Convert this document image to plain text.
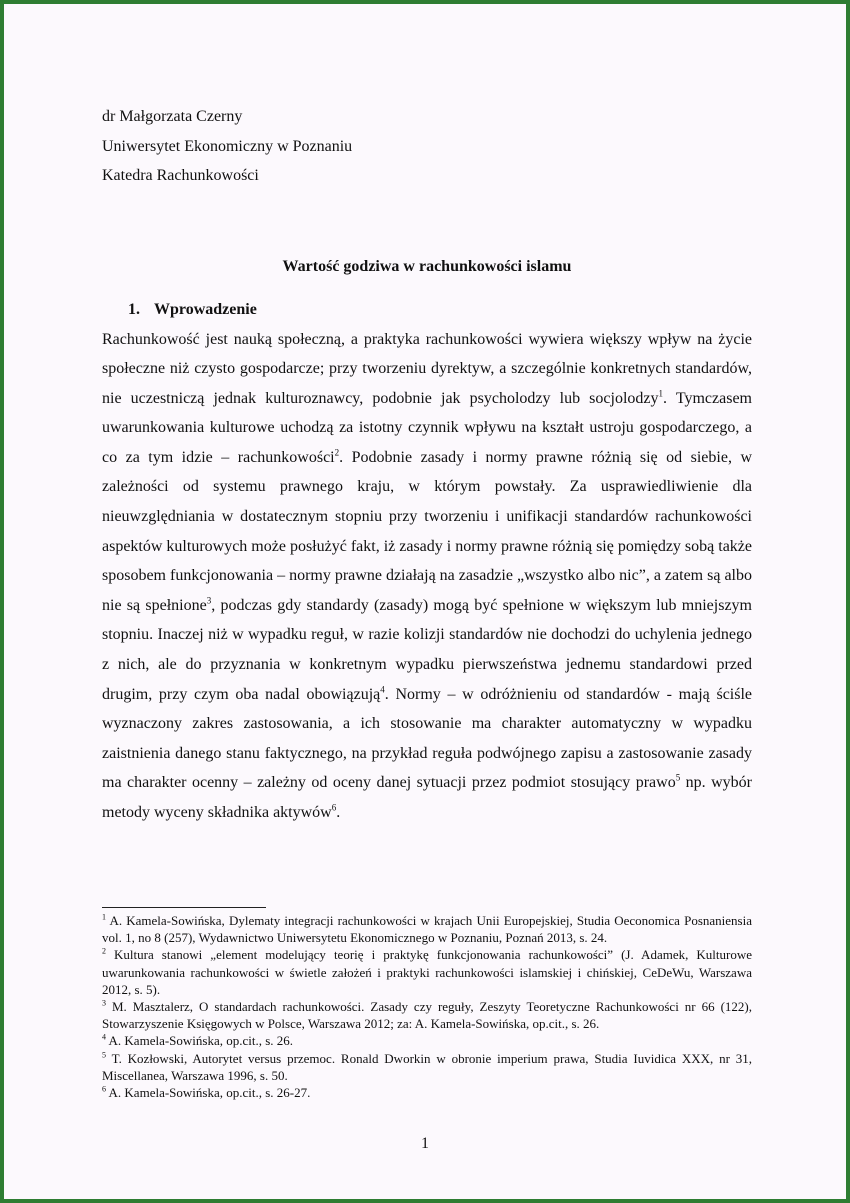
dr Małgorzata Czerny

Uniwersytet Ekonomiczny w Poznaniu

Katedra Rachunkowości

Wartość godziwa w rachunkowości islamu
1. Wprowadzenie

Rachunkowość jest nauką społeczną, a praktyka rachunkowości wywiera większy wpływ na życie społeczne niż czysto gospodarcze; przy tworzeniu dyrektyw, a szczególnie konkretnych standardów, nie uczestniczą jednak kulturoznawcy, podobnie jak psycholodzy lub socjolodzy$^1$. Tymczasem uwarunkowania kulturowe uchodzą za istotny czynnik wpływu na kształt ustroju gospodarczego, a co za tym idzie – rachunkowości$^2$. Podobnie zasady i normy prawne różnią się od siebie, w zależności od systemu prawnego kraju, w którym powstały. Za usprawiedliwienie dla nieuwzględniania w dostatecznym stopniu przy tworzeniu i unifikacji standardów rachunkowości aspektów kulturowych może posłużyć fakt, iż zasady i normy prawne różnią się pomiędzy sobą także sposobem funkcjonowania – normy prawne działają na zasadzie „wszystko albo nic”, a zatem są albo nie są spełnione$^3$, podczas gdy standardy (zasady) mogą być spełnione w większym lub mniejszym stopniu. Inaczej niż w wypadku reguł, w razie kolizji standardów nie dochodzi do uchylenia jednego z nich, ale do przyznania w konkretnym wypadku pierwszeństwa jednemu standardowi przed drugim, przy czym oba nadal obowiązują$^4$. Normy – w odróżnieniu od standardów - mają ściśle wyznaczony zakres zastosowania, a ich stosowanie ma charakter automatyczny w wypadku zaistnienia danego stanu faktycznego, na przykład reguła podwójnego zapisu a zastosowanie zasady ma charakter ocenny – zależny od oceny danej sytuacji przez podmiot stosujący prawo$^5$ np. wybór metody wyceny składnika aktywów$^6$.

$^1$ A. Kamela-Sowińska, Dylematy integracji rachunkowości w krajach Unii Europejskiej, Studia Oeconomica Posnaniensia vol. 1, no 8 (257), Wydawnictwo Uniwersytetu Ekonomicznego w Poznaniu, Poznań 2013, s. 24.

$^2$ Kultura stanowi „element modelujący teorię i praktykę funkcjonowania rachunkowości” (J. Adamek, Kulturowe uwarunkowania rachunkowości w świetle założeń i praktyki rachunkowości islamskiej i chińskiej, CeDeWu, Warszawa 2012, s. 5).

$^3$ M. Masztalerz, O standardach rachunkowości. Zasady czy reguły, Zeszyty Teoretyczne Rachunkowości nr 66 (122), Stowarzyszenie Księgowych w Polsce, Warszawa 2012; za: A. Kamela-Sowińska, op.cit., s. 26.

$^4$ A. Kamela-Sowińska, op.cit., s. 26.

$^5$ T. Kozłowski, Autorytet versus przemoc. Ronald Dworkin w obronie imperium prawa, Studia Iuvidica XXX, nr 31, Miscellanea, Warszawa 1996, s. 50.

$^6$ A. Kamela-Sowińska, op.cit., s. 26-27.

1
